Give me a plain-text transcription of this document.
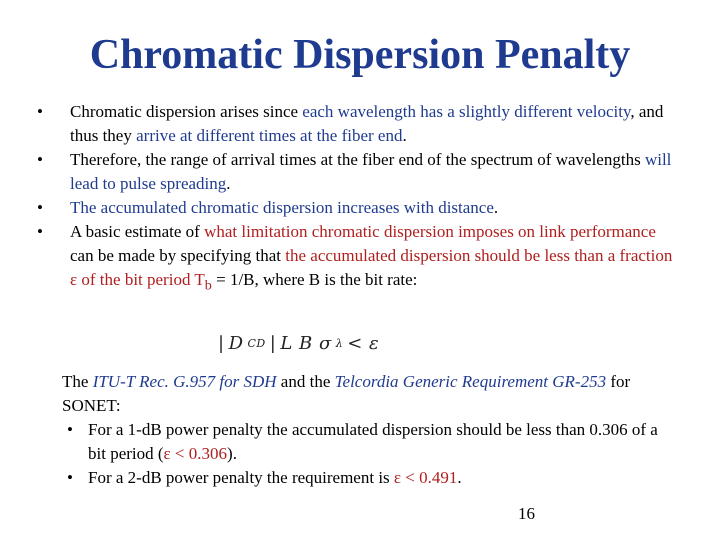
Chromatic Dispersion Penalty
•	Chromatic dispersion arises since each wavelength has a slightly different velocity, and thus they arrive at different times at the fiber end.
•	Therefore, the range of arrival times at the fiber end of the spectrum of wavelengths will lead to pulse spreading.
•	The accumulated chromatic dispersion increases with distance.
•	A basic estimate of what limitation chromatic dispersion imposes on link performance can be made by specifying that the accumulated dispersion should be less than a fraction ε of the bit period $T_b = 1/B$, where B is the bit rate:
| D CD | L B σ λ < ε

The ITU-T Rec. G.957 for SDH and the Telcordia Generic Requirement GR-253 for SONET:

• For a 1-dB power penalty the accumulated dispersion should be less than 0.306 of a bit period (ε < 0.306).
• For a 2-dB power penalty the requirement is ε < 0.491.
16
